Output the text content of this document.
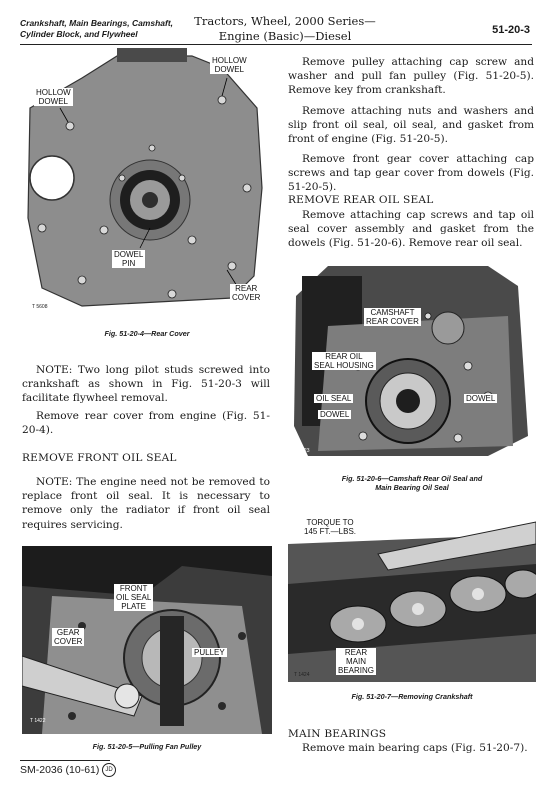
Crankshaft, Main Bearings, Camshaft,
Cylinder Block, and Flywheel
Tractors, Wheel, 2000 Series—
Engine (Basic)—Diesel	51-20-3
HOLLOW
DOWEL
HOLLOW
DOWEL
DOWEL
PIN
REAR
COVER
T 5608
Fig. 51-20-4—Rear Cover
NOTE: Two long pilot studs screwed into crankshaft as shown in Fig. 51-20-3 will facilitate flywheel removal.
Remove rear cover from engine (Fig. 51-20-4).
REMOVE FRONT OIL SEAL
NOTE: The engine need not be removed to replace front oil seal. It is necessary to remove only the radiator if front oil seal requires servicing.
FRONT
OIL SEAL
PLATE
GEAR
COVER
PULLEY
T 1422
Fig. 51-20-5—Pulling Fan Pulley
Remove pulley attaching cap screw and washer and pull fan pulley (Fig. 51-20-5). Remove key from crankshaft.
Remove attaching nuts and washers and slip front oil seal, oil seal, and gasket from front of engine (Fig. 51-20-5).
Remove front gear cover attaching cap screws and tap gear cover from dowels (Fig. 51-20-5).
REMOVE REAR OIL SEAL
Remove attaching cap screws and tap oil seal cover assembly and gasket from the dowels (Fig. 51-20-6). Remove rear oil seal.
CAMSHAFT
REAR COVER
REAR OIL
SEAL HOUSING
OIL SEAL
DOWEL
DOWEL
T 1423
Fig. 51-20-6—Camshaft Rear Oil Seal and
Main Bearing Oil Seal
TORQUE TO
145 FT.—LBS.
REAR
MAIN
BEARING
T 1424
Fig. 51-20-7—Removing Crankshaft
MAIN BEARINGS
Remove main bearing caps (Fig. 51-20-7).
SM-2036 (10-61) JD
